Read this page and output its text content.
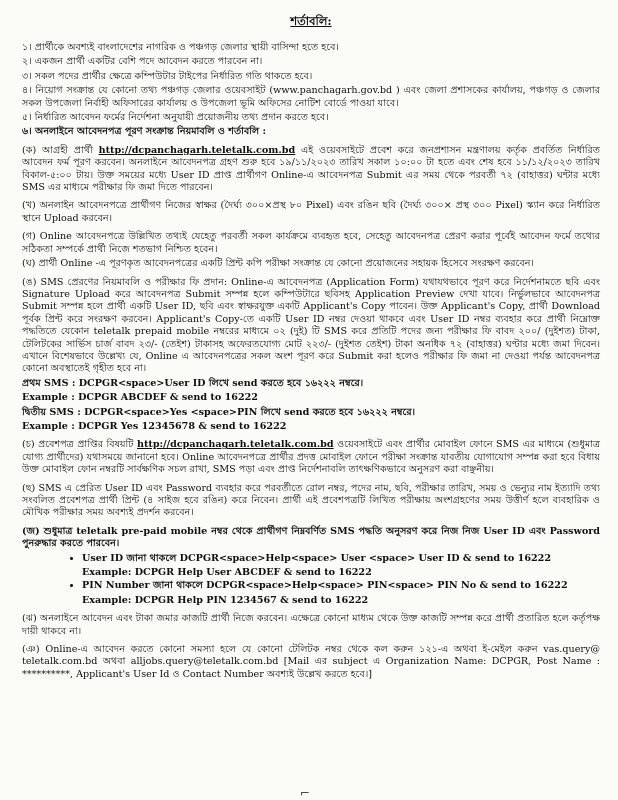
শর্তাবলি:

১। প্রার্থীকে অবশ্যই বাংলাদেশের নাগরিক ও পঞ্চগড় জেলার স্থায়ী বাসিন্দা হতে হবে।

২। একজন প্রার্থী একটির বেশি পদে আবেদন করতে পারবেন না।

৩। সকল পদের প্রার্থীর ক্ষেত্রে কম্পিউটার টাইপের নির্ধারিত গতি থাকতে হবে।

৪। নিয়োগ সংক্রান্ত যে কোনো তথ্য পঞ্চগড় জেলার ওয়েবসাইট (www.panchagarh.gov.bd ) এবং জেলা প্রশাসকের কার্যালয়, পঞ্চগড় ও জেলার সকল উপজেলা নির্বাহী অফিসারের কার্যালয় ও উপজেলা ভূমি অফিসের নোটিশ বোর্ডে পাওয়া যাবে।

৫। নির্ধারিত আবেদন ফর্মের নির্দেশনা অনুযায়ী প্রয়োজনীয় তথ্য প্রদান করতে হবে।

৬। অনলাইনে আবেদনপত্র পূরণ সংক্রান্ত নিয়মাবলি ও শর্তাবলি :

(ক) আগ্রহী প্রার্থী http://dcpanchagarh.teletalk.com.bd এই ওয়েবসাইটে প্রবেশ করে জনপ্রশাসন মন্ত্রণালয় কর্তৃক প্রবর্তিত নির্ধারিত আবেদন ফর্ম পূরণ করবেন। অনলাইনে আবেদনপত্র গ্রহণ শুরু হবে ১৯/১১/২০২৩ তারিখ সকাল ১০:০০ টা হতে এবং শেষ হবে ১১/১২/২০২৩ তারিখ বিকাল-৫:০০ টায়। উক্ত সময়ের মধ্যে User ID প্রাপ্ত প্রার্থীগণ Online-এ আবেদনপত্র Submit এর সময় থেকে পরবর্তী ৭২ (বাহাত্তর) ঘন্টার মধ্যে SMS এর মাধ্যমে পরীক্ষার ফি জমা দিতে পারবেন।

(খ) অনলাইন আবেদনপত্রে প্রার্থীগণ নিজের স্বাক্ষর (দৈর্ঘ্য ৩০০×প্রস্থ ৮০ Pixel) এবং রঙিন ছবি (দৈর্ঘ্য ৩০০× প্রস্থ ৩০০ Pixel) স্ক্যান করে নির্ধারিত স্থানে Upload করবেন।

(গ) Online আবেদনপত্রে উল্লিখিত তথ্যই যেহেতু পরবর্তী সকল কার্যক্রমে ব্যবহৃত হবে, সেহেতু আবেদনপত্র প্রেরণ করার পূর্বেই আবেদন ফর্মে তথ্যের সঠিকতা সম্পর্কে প্রার্থী নিজে শতভাগ নিশ্চিত হবেন।

(ঘ) প্রার্থী Online -এ পূরণকৃত আবেদনপত্রের একটি প্রিন্ট কপি পরীক্ষা সংক্রান্ত যে কোনো প্রয়োজনের সহায়ক হিসেবে সংরক্ষণ করবেন।

(ঙ) SMS প্রেরণের নিয়মাবলি ও পরীক্ষার ফি প্রদান: Online-এ আবেদনপত্র (Application Form) যথাযথভাবে পূরণ করে নির্দেশনামতে ছবি এবং Signature Upload করে আবেদনপত্র Submit সম্পন্ন হলে কম্পিউটারে ছবিসহ Application Preview দেখা যাবে। নির্ভুলভাবে আবেদনপত্র Submit সম্পন্ন হলে প্রার্থী একটি User ID, ছবি এবং স্বাক্ষরযুক্ত একটি Applicant's Copy পাবেন। উক্ত Applicant's Copy, প্রার্থী Download পূর্বক প্রিন্ট করে সংরক্ষণ করবেন। Applicant's Copy-তে একটি User ID নম্বর দেওয়া থাকবে এবং User ID নম্বর ব্যবহার করে প্রার্থী নিম্নোক্ত পদ্ধতিতে যেকোন teletalk prepaid mobile নম্বরের মাধ্যমে ০২ (দুই) টি SMS করে প্রতিটি পদের জন্য পরীক্ষার ফি বাবদ ২০০/ (দুইশত) টাকা, টেলিটকের সার্ভিস চার্জ বাবদ ২৩/- (তেইশ) টাকাসহ অফেরতযোগ্য মোট ২২৩/- (দুইশত তেইশ) টাকা অনধিক ৭২ (বাহাত্তর) ঘণ্টার মধ্যে জমা দিবেন। এখানে বিশেষভাবে উল্লেখ্য যে, Online এ আবেদনপত্রের সকল অংশ পূরণ করে Submit করা হলেও পরীক্ষার ফি জমা না দেওয়া পর্যন্ত আবেদনপত্র কোনো অবস্থাতেই গৃহীত হবে না।

প্রথম SMS : DCPGR<space>User ID লিখে send করতে হবে ১৬২২২ নম্বরে।

Example : DCPGR ABCDEF & send to 16222

দ্বিতীয় SMS : DCPGR<space>Yes <space>PIN লিখে send করতে হবে ১৬২২২ নম্বরে।

Example : DCPGR Yes 12345678 & send to 16222

(চ) প্রবেশপত্র প্রাপ্তির বিষয়টি http://dcpanchagarh.teletalk.com.bd ওয়েবসাইটে এবং প্রার্থীর মোবাইল ফোনে SMS এর মাধ্যমে (শুধুমাত্র যোগ্য প্রার্থীদের) যথাসময়ে জানানো হবে। Online আবেদনপত্রে প্রার্থীর প্রদত্ত মোবাইল ফোনে পরীক্ষা সংক্রান্ত যাবতীয় যোগাযোগ সম্পন্ন করা হবে বিধায় উক্ত মোবাইল ফোন নম্বরটি সার্বক্ষণিক সচল রাখা, SMS পড়া এবং প্রাপ্ত নির্দেশনাবলি তাৎক্ষণিকভাবে অনুসরণ করা বাঞ্ছনীয়।

(ছ) SMS এ প্রেরিত User ID এবং Password ব্যবহার করে পরবর্তীতে রোল নম্বর, পদের নাম, ছবি, পরীক্ষার তারিখ, সময় ও ভেন্যুর নাম ইত্যাদি তথ্য সংবলিত প্রবেশপত্র প্রার্থী প্রিন্ট (৪ সাইজ হবে রঙিন) করে নিবেন। প্রার্থী এই প্রবেশপত্রটি লিখিত পরীক্ষায় অংশগ্রহণের সময় উত্তীর্ণ হলে ব্যবহারিক ও মৌখিক পরীক্ষার সময় অবশ্যই প্রদর্শন করবেন।

(জ) শুধুমাত্র teletalk pre-paid mobile নম্বর থেকে প্রার্থীগণ নিম্নবর্ণিত SMS পদ্ধতি অনুসরণ করে নিজ নিজ User ID এবং Password পুনরুদ্ধার করতে পারবেন।

• User ID জানা থাকলে DCPGR<space>Help<space> User <space> User ID & send to 16222

Example: DCPGR Help User ABCDEF & send to 16222

• PIN Number জানা থাকলে DCPGR<space>Help<space> PIN<space> PIN No & send to 16222

Example: DCPGR Help PIN 1234567 & send to 16222

(ঝ) অনলাইনে আবেদন এবং টাকা জমার কাজটি প্রার্থী নিজে করবেন। এক্ষেত্রে কোনো মাধ্যম থেকে উক্ত কাজটি সম্পন্ন করে প্রার্থী প্রতারিত হলে কর্তৃপক্ষ দায়ী থাকবে না।

(ঞ) Online-এ আবেদন করতে কোনো সমস্যা হলে যে কোনো টেলিটক নম্বর থেকে কল করুন ১২১-এ অথবা ই-মেইল করুন vas.query@ teletalk.com.bd অথবা alljobs.query@teletalk.com.bd [Mail এর subject এ Organization Name: DCPGR, Post Name : **********, Applicant's User Id ও Contact Number অবশ্যই উল্লেখ করতে হবে।]

⌐
